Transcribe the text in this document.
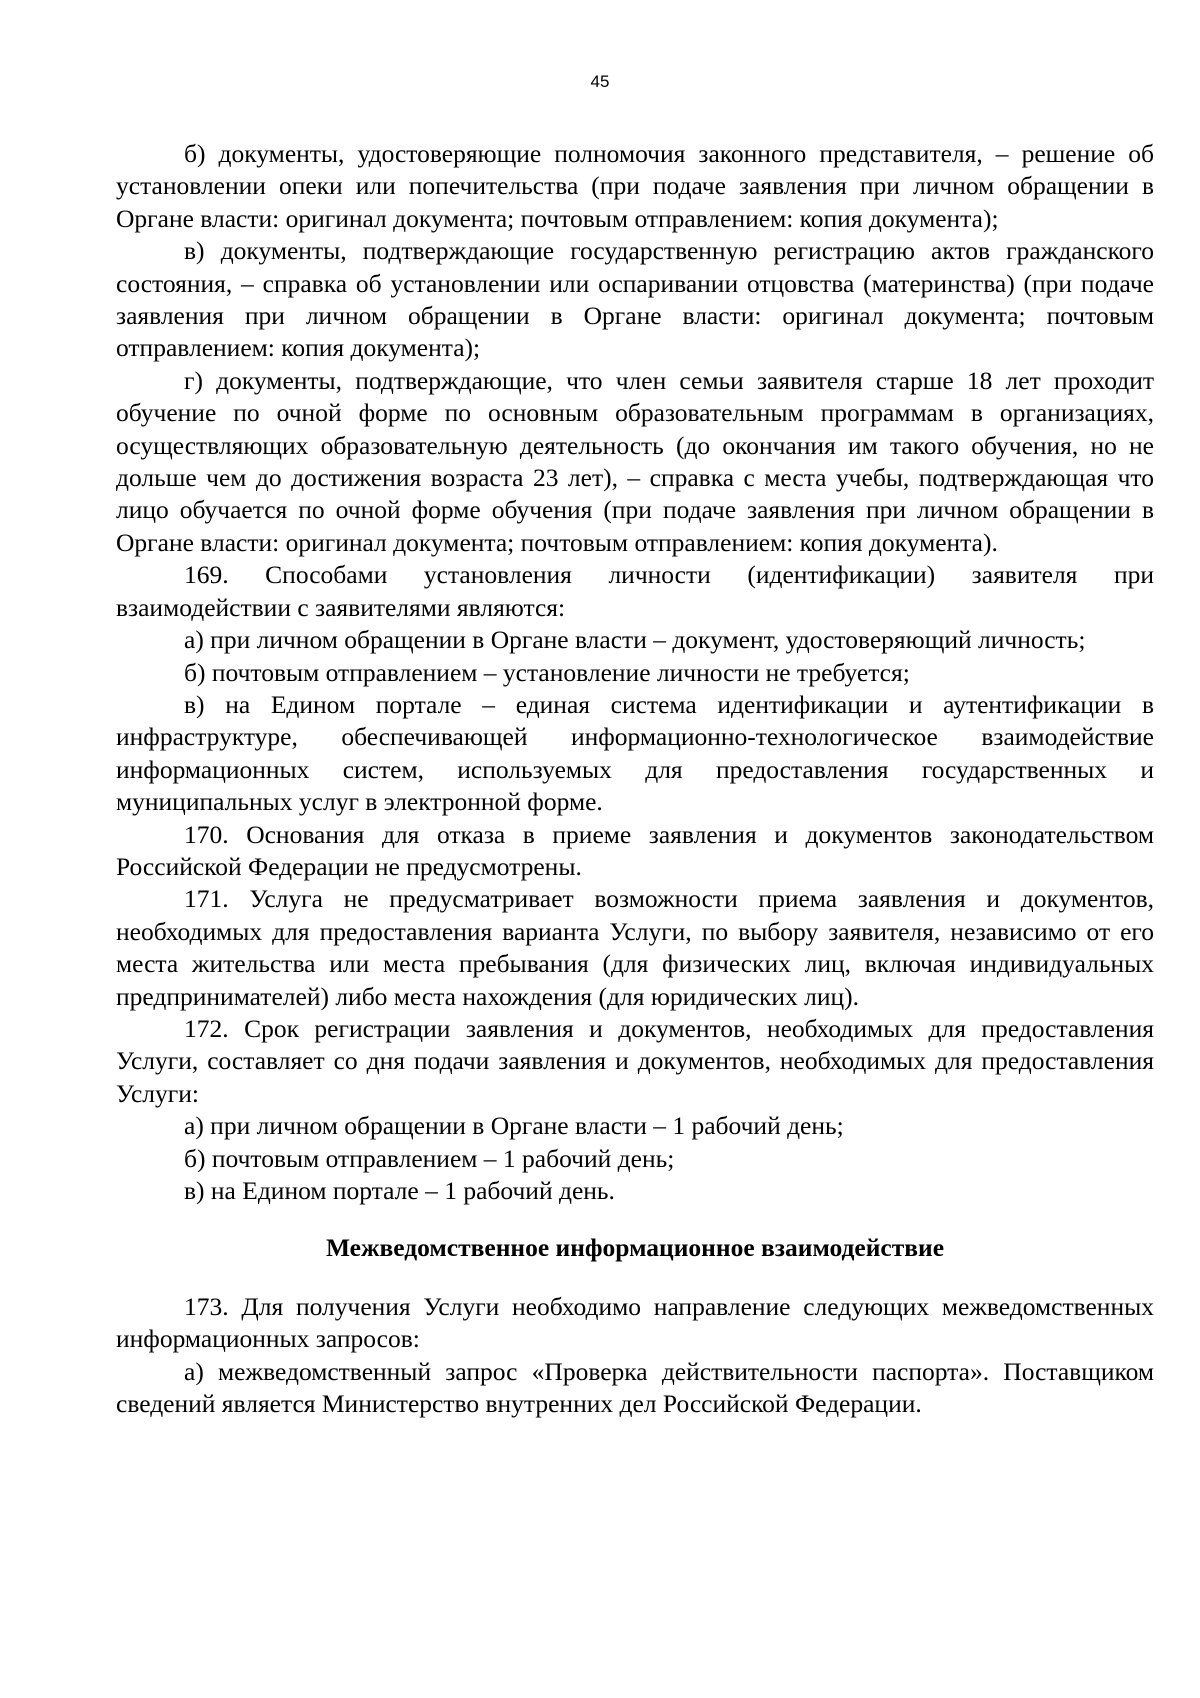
45

б) документы, удостоверяющие полномочия законного представителя, – решение об установлении опеки или попечительства (при подаче заявления при личном обращении в Органе власти: оригинал документа; почтовым отправлением: копия документа);

в) документы, подтверждающие государственную регистрацию актов гражданского состояния, – справка об установлении или оспаривании отцовства (материнства) (при подаче заявления при личном обращении в Органе власти: оригинал документа; почтовым отправлением: копия документа);

г) документы, подтверждающие, что член семьи заявителя старше 18 лет проходит обучение по очной форме по основным образовательным программам в организациях, осуществляющих образовательную деятельность (до окончания им такого обучения, но не дольше чем до достижения возраста 23 лет), – справка с места учебы, подтверждающая что лицо обучается по очной форме обучения (при подаче заявления при личном обращении в Органе власти: оригинал документа; почтовым отправлением: копия документа).

169. Способами установления личности (идентификации) заявителя при взаимодействии с заявителями являются:

а) при личном обращении в Органе власти – документ, удостоверяющий личность;

б) почтовым отправлением – установление личности не требуется;

в) на Едином портале – единая система идентификации и аутентификации в инфраструктуре, обеспечивающей информационно-технологическое взаимодействие информационных систем, используемых для предоставления государственных и муниципальных услуг в электронной форме.

170. Основания для отказа в приеме заявления и документов законодательством Российской Федерации не предусмотрены.

171. Услуга не предусматривает возможности приема заявления и документов, необходимых для предоставления варианта Услуги, по выбору заявителя, независимо от его места жительства или места пребывания (для физических лиц, включая индивидуальных предпринимателей) либо места нахождения (для юридических лиц).

172. Срок регистрации заявления и документов, необходимых для предоставления Услуги, составляет со дня подачи заявления и документов, необходимых для предоставления Услуги:

а) при личном обращении в Органе власти – 1 рабочий день;

б) почтовым отправлением – 1 рабочий день;

в) на Едином портале – 1 рабочий день.

Межведомственное информационное взаимодействие

173. Для получения Услуги необходимо направление следующих межведомственных информационных запросов:

а) межведомственный запрос «Проверка действительности паспорта». Поставщиком сведений является Министерство внутренних дел Российской Федерации.
